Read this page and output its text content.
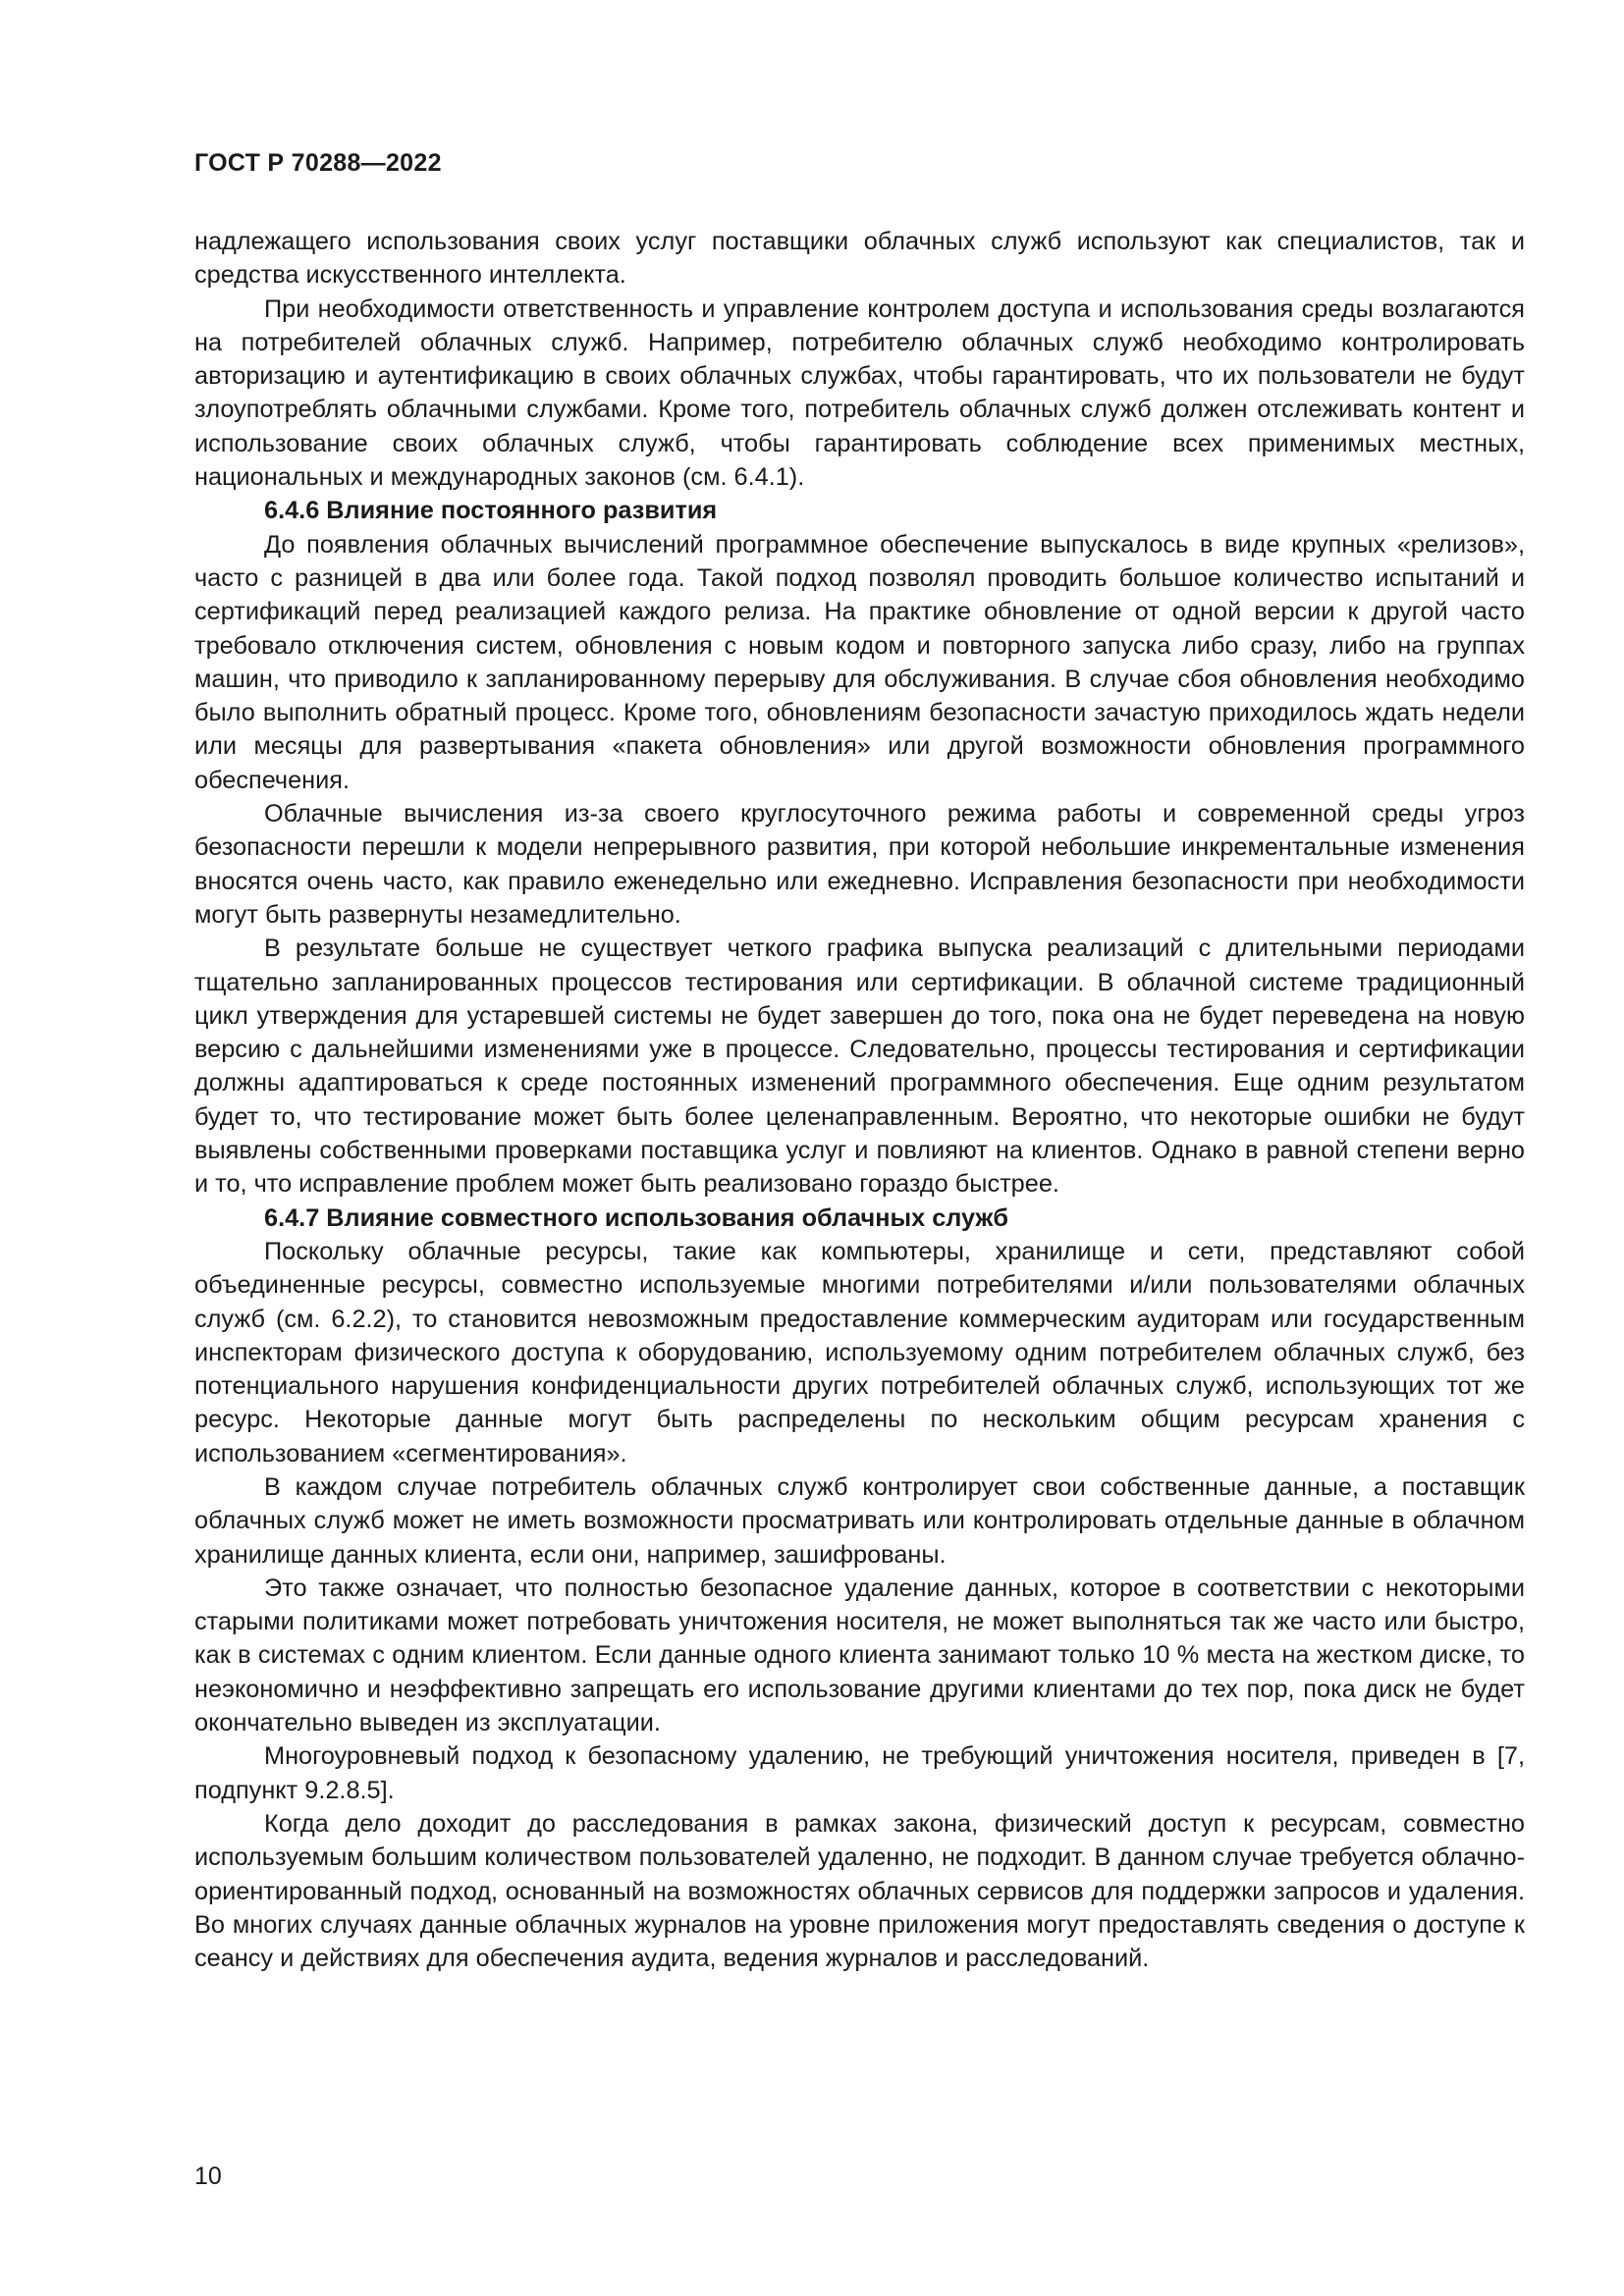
ГОСТ Р 70288—2022

надлежащего использования своих услуг поставщики облачных служб используют как специалистов, так и средства искусственного интеллекта.

При необходимости ответственность и управление контролем доступа и использования среды возлагаются на потребителей облачных служб. Например, потребителю облачных служб необходимо контролировать авторизацию и аутентификацию в своих облачных службах, чтобы гарантировать, что их пользователи не будут злоупотреблять облачными службами. Кроме того, потребитель облачных служб должен отслеживать контент и использование своих облачных служб, чтобы гарантировать соблюдение всех применимых местных, национальных и международных законов (см. 6.4.1).

6.4.6 Влияние постоянного развития

До появления облачных вычислений программное обеспечение выпускалось в виде крупных «релизов», часто с разницей в два или более года. Такой подход позволял проводить большое количество испытаний и сертификаций перед реализацией каждого релиза. На практике обновление от одной версии к другой часто требовало отключения систем, обновления с новым кодом и повторного запуска либо сразу, либо на группах машин, что приводило к запланированному перерыву для обслуживания. В случае сбоя обновления необходимо было выполнить обратный процесс. Кроме того, обновлениям безопасности зачастую приходилось ждать недели или месяцы для развертывания «пакета обновления» или другой возможности обновления программного обеспечения.

Облачные вычисления из-за своего круглосуточного режима работы и современной среды угроз безопасности перешли к модели непрерывного развития, при которой небольшие инкрементальные изменения вносятся очень часто, как правило еженедельно или ежедневно. Исправления безопасности при необходимости могут быть развернуты незамедлительно.

В результате больше не существует четкого графика выпуска реализаций с длительными периодами тщательно запланированных процессов тестирования или сертификации. В облачной системе традиционный цикл утверждения для устаревшей системы не будет завершен до того, пока она не будет переведена на новую версию с дальнейшими изменениями уже в процессе. Следовательно, процессы тестирования и сертификации должны адаптироваться к среде постоянных изменений программного обеспечения. Еще одним результатом будет то, что тестирование может быть более целенаправленным. Вероятно, что некоторые ошибки не будут выявлены собственными проверками поставщика услуг и повлияют на клиентов. Однако в равной степени верно и то, что исправление проблем может быть реализовано гораздо быстрее.

6.4.7 Влияние совместного использования облачных служб

Поскольку облачные ресурсы, такие как компьютеры, хранилище и сети, представляют собой объединенные ресурсы, совместно используемые многими потребителями и/или пользователями облачных служб (см. 6.2.2), то становится невозможным предоставление коммерческим аудиторам или государственным инспекторам физического доступа к оборудованию, используемому одним потребителем облачных служб, без потенциального нарушения конфиденциальности других потребителей облачных служб, использующих тот же ресурс. Некоторые данные могут быть распределены по нескольким общим ресурсам хранения с использованием «сегментирования».

В каждом случае потребитель облачных служб контролирует свои собственные данные, а поставщик облачных служб может не иметь возможности просматривать или контролировать отдельные данные в облачном хранилище данных клиента, если они, например, зашифрованы.

Это также означает, что полностью безопасное удаление данных, которое в соответствии с некоторыми старыми политиками может потребовать уничтожения носителя, не может выполняться так же часто или быстро, как в системах с одним клиентом. Если данные одного клиента занимают только 10 % места на жестком диске, то неэкономично и неэффективно запрещать его использование другими клиентами до тех пор, пока диск не будет окончательно выведен из эксплуатации.

Многоуровневый подход к безопасному удалению, не требующий уничтожения носителя, приведен в [7, подпункт 9.2.8.5].

Когда дело доходит до расследования в рамках закона, физический доступ к ресурсам, совместно используемым большим количеством пользователей удаленно, не подходит. В данном случае требуется облачно-ориентированный подход, основанный на возможностях облачных сервисов для поддержки запросов и удаления. Во многих случаях данные облачных журналов на уровне приложения могут предоставлять сведения о доступе к сеансу и действиях для обеспечения аудита, ведения журналов и расследований.

10
